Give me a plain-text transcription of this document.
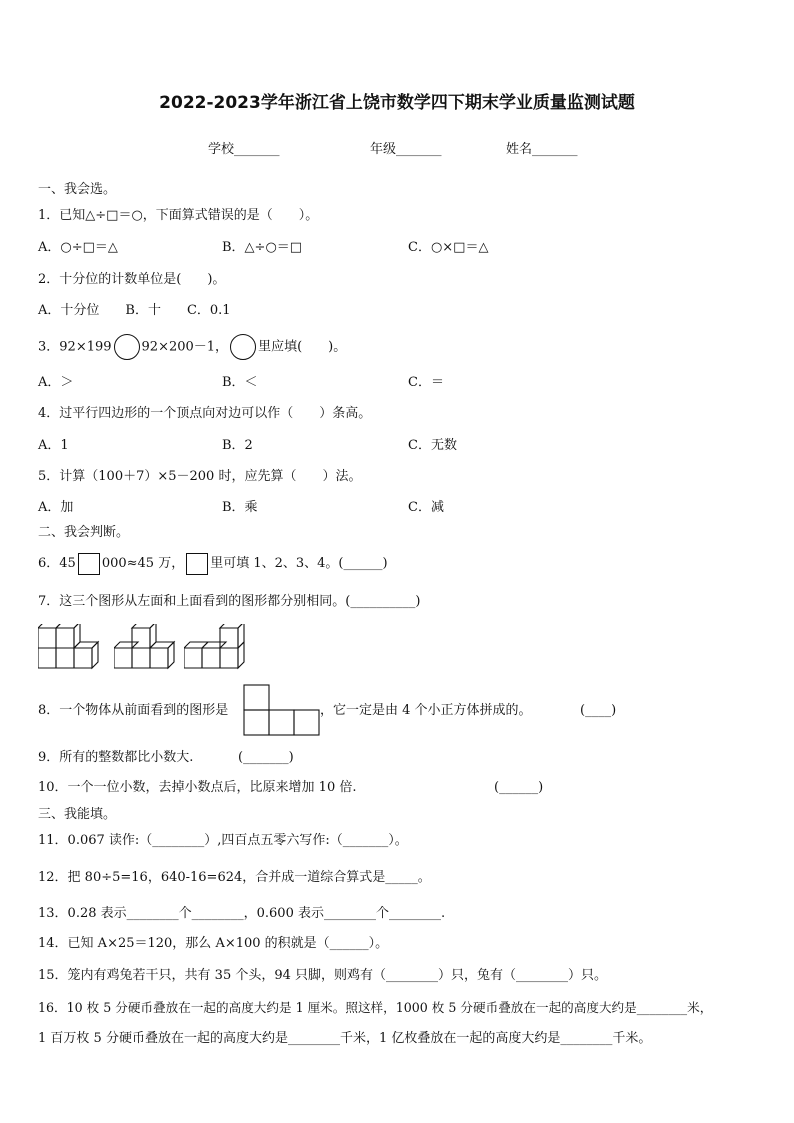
2022-2023学年浙江省上饶市数学四下期末学业质量监测试题
学校_______	年级_______	姓名_______
一、我会选。
1．已知△÷□＝○，下面算式错误的是（　　）。
A．○÷□＝△	B．△÷○＝□	C．○×□＝△
2．十分位的计数单位是(　　)。
A．十分位　　B．十　　C．0.1
3．92×199 92×200－1， 里应填(　　)。
A．＞	B．＜	C．＝
4．过平行四边形的一个顶点向对边可以作（　　）条高。
A．1	B．2	C．无数
5．计算（100＋7）×5－200 时，应先算（　　）法。
A．加	B．乘	C．减
二、我会判断。
6．45 000≈45 万， 里可填 1、2、3、4。(______)
7．这三个图形从左面和上面看到的图形都分别相同。(__________)
8．一个物体从前面看到的图形是	，它一定是由 4 个小正方体拼成的。	(____)
9．所有的整数都比小数大.	(_______)
10．一个一位小数，去掉小数点后，比原来增加 10 倍.	(______)
三、我能填。
11．0.067 读作:（________）,四百点五零六写作:（_______）。
12．把 80÷5=16，640-16=624，合并成一道综合算式是_____。
13．0.28 表示________个________，0.600 表示________个________.
14．已知 A×25＝120，那么 A×100 的积就是（______）。
15．笼内有鸡兔若干只，共有 35 个头，94 只脚，则鸡有（________）只，兔有（________）只。
16．10 枚 5 分硬币叠放在一起的高度大约是 1 厘米。照这样，1000 枚 5 分硬币叠放在一起的高度大约是________米，
1 百万枚 5 分硬币叠放在一起的高度大约是________千米，1 亿枚叠放在一起的高度大约是________千米。
